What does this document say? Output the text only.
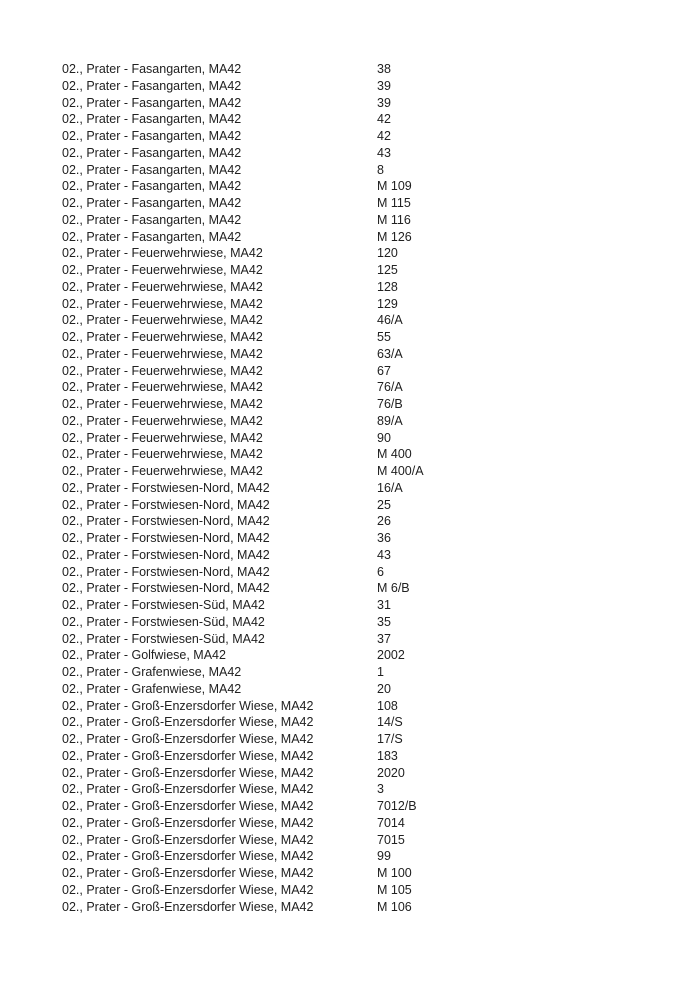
02., Prater - Fasangarten, MA42	38
02., Prater - Fasangarten, MA42	39
02., Prater - Fasangarten, MA42	39
02., Prater - Fasangarten, MA42	42
02., Prater - Fasangarten, MA42	42
02., Prater - Fasangarten, MA42	43
02., Prater - Fasangarten, MA42	8
02., Prater - Fasangarten, MA42	M 109
02., Prater - Fasangarten, MA42	M 115
02., Prater - Fasangarten, MA42	M 116
02., Prater - Fasangarten, MA42	M 126
02., Prater - Feuerwehrwiese, MA42	120
02., Prater - Feuerwehrwiese, MA42	125
02., Prater - Feuerwehrwiese, MA42	128
02., Prater - Feuerwehrwiese, MA42	129
02., Prater - Feuerwehrwiese, MA42	46/A
02., Prater - Feuerwehrwiese, MA42	55
02., Prater - Feuerwehrwiese, MA42	63/A
02., Prater - Feuerwehrwiese, MA42	67
02., Prater - Feuerwehrwiese, MA42	76/A
02., Prater - Feuerwehrwiese, MA42	76/B
02., Prater - Feuerwehrwiese, MA42	89/A
02., Prater - Feuerwehrwiese, MA42	90
02., Prater - Feuerwehrwiese, MA42	M 400
02., Prater - Feuerwehrwiese, MA42	M 400/A
02., Prater - Forstwiesen-Nord, MA42	16/A
02., Prater - Forstwiesen-Nord, MA42	25
02., Prater - Forstwiesen-Nord, MA42	26
02., Prater - Forstwiesen-Nord, MA42	36
02., Prater - Forstwiesen-Nord, MA42	43
02., Prater - Forstwiesen-Nord, MA42	6
02., Prater - Forstwiesen-Nord, MA42	M 6/B
02., Prater - Forstwiesen-Süd, MA42	31
02., Prater - Forstwiesen-Süd, MA42	35
02., Prater - Forstwiesen-Süd, MA42	37
02., Prater - Golfwiese, MA42	2002
02., Prater - Grafenwiese, MA42	1
02., Prater - Grafenwiese, MA42	20
02., Prater - Groß-Enzersdorfer Wiese, MA42	108
02., Prater - Groß-Enzersdorfer Wiese, MA42	14/S
02., Prater - Groß-Enzersdorfer Wiese, MA42	17/S
02., Prater - Groß-Enzersdorfer Wiese, MA42	183
02., Prater - Groß-Enzersdorfer Wiese, MA42	2020
02., Prater - Groß-Enzersdorfer Wiese, MA42	3
02., Prater - Groß-Enzersdorfer Wiese, MA42	7012/B
02., Prater - Groß-Enzersdorfer Wiese, MA42	7014
02., Prater - Groß-Enzersdorfer Wiese, MA42	7015
02., Prater - Groß-Enzersdorfer Wiese, MA42	99
02., Prater - Groß-Enzersdorfer Wiese, MA42	M 100
02., Prater - Groß-Enzersdorfer Wiese, MA42	M 105
02., Prater - Groß-Enzersdorfer Wiese, MA42	M 106
